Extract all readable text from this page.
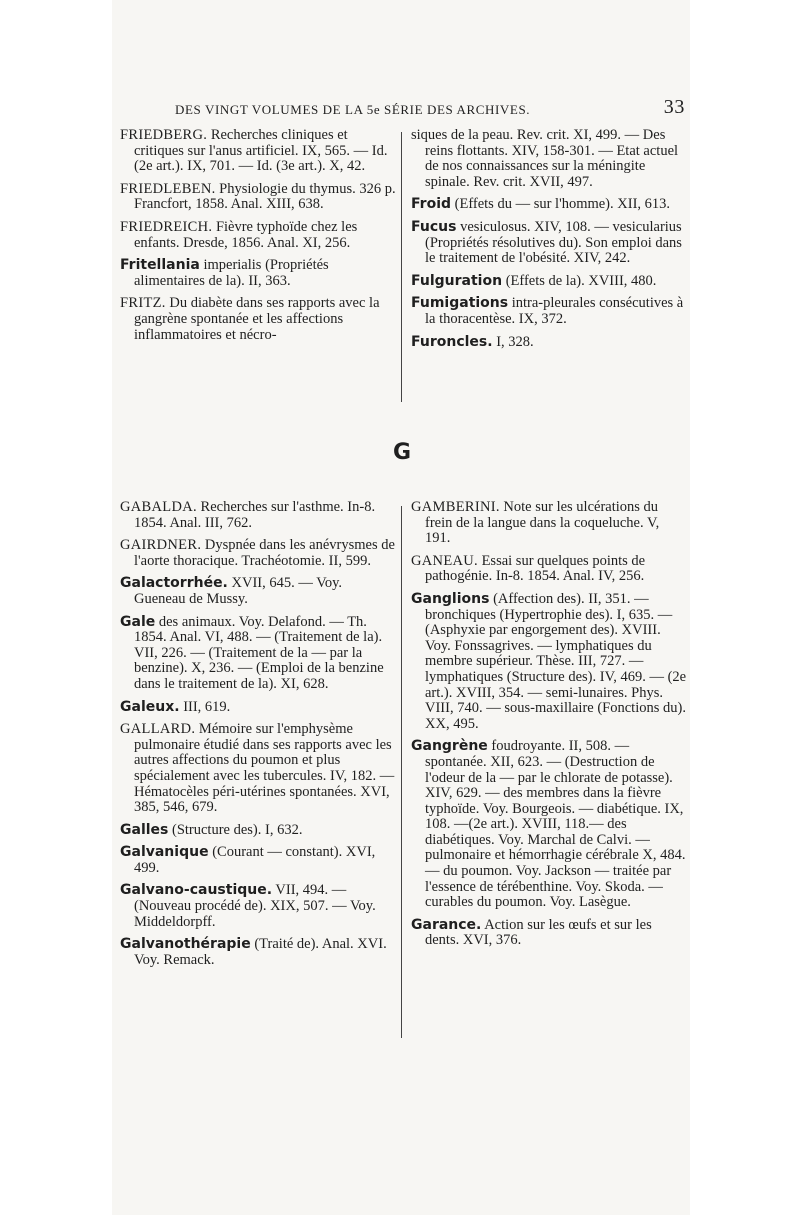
DES VINGT VOLUMES DE LA 5e SÉRIE DES ARCHIVES.	33

FRIEDBERG. Recherches cliniques et critiques sur l'anus artificiel. IX, 565. — Id. (2e art.). IX, 701. — Id. (3e art.). X, 42.

FRIEDLEBEN. Physiologie du thymus. 326 p. Francfort, 1858. Anal. XIII, 638.

FRIEDREICH. Fièvre typhoïde chez les enfants. Dresde, 1856. Anal. XI, 256.

Fritellania imperialis (Propriétés alimentaires de la). II, 363.

FRITZ. Du diabète dans ses rapports avec la gangrène spontanée et les affections inflammatoires et nécro-

siques de la peau. Rev. crit. XI, 499. — Des reins flottants. XIV, 158-301. — Etat actuel de nos connaissances sur la méningite spinale. Rev. crit. XVII, 497.

Froid (Effets du — sur l'homme). XII, 613.

Fucus vesiculosus. XIV, 108. — vesicularius (Propriétés résolutives du). Son emploi dans le traitement de l'obésité. XIV, 242.

Fulguration (Effets de la). XVIII, 480.

Fumigations intra-pleurales consécutives à la thoracentèse. IX, 372.

Furoncles. I, 328.

G

GABALDA. Recherches sur l'asthme. In-8. 1854. Anal. III, 762.

GAIRDNER. Dyspnée dans les anévrysmes de l'aorte thoracique. Trachéotomie. II, 599.

Galactorrhée. XVII, 645. — Voy. Gueneau de Mussy.

Gale des animaux. Voy. Delafond. — Th. 1854. Anal. VI, 488. — (Traitement de la). VII, 226. — (Traitement de la — par la benzine). X, 236. — (Emploi de la benzine dans le traitement de la). XI, 628.

Galeux. III, 619.

GALLARD. Mémoire sur l'emphysème pulmonaire étudié dans ses rapports avec les autres affections du poumon et plus spécialement avec les tubercules. IV, 182. — Hématocèles péri-utérines spontanées. XVI, 385, 546, 679.

Galles (Structure des). I, 632.

Galvanique (Courant — constant). XVI, 499.

Galvano-caustique. VII, 494. — (Nouveau procédé de). XIX, 507. — Voy. Middeldorpff.

Galvanothérapie (Traité de). Anal. XVI. Voy. Remack.

GAMBERINI. Note sur les ulcérations du frein de la langue dans la coqueluche. V, 191.

GANEAU. Essai sur quelques points de pathogénie. In-8. 1854. Anal. IV, 256.

Ganglions (Affection des). II, 351. — bronchiques (Hypertrophie des). I, 635. — (Asphyxie par engorgement des). XVIII. Voy. Fonssagrives. — lymphatiques du membre supérieur. Thèse. III, 727. — lymphatiques (Structure des). IV, 469. — (2e art.). XVIII, 354. — semi-lunaires. Phys. VIII, 740. — sous-maxillaire (Fonctions du). XX, 495.

Gangrène foudroyante. II, 508. — spontanée. XII, 623. — (Destruction de l'odeur de la — par le chlorate de potasse). XIV, 629. — des membres dans la fièvre typhoïde. Voy. Bourgeois. — diabétique. IX, 108. —(2e art.). XVIII, 118.— des diabétiques. Voy. Marchal de Calvi. — pulmonaire et hémorrhagie cérébrale X, 484. — du poumon. Voy. Jackson — traitée par l'essence de térébenthine. Voy. Skoda. — curables du poumon. Voy. Lasègue.

Garance. Action sur les œufs et sur les dents. XVI, 376.
